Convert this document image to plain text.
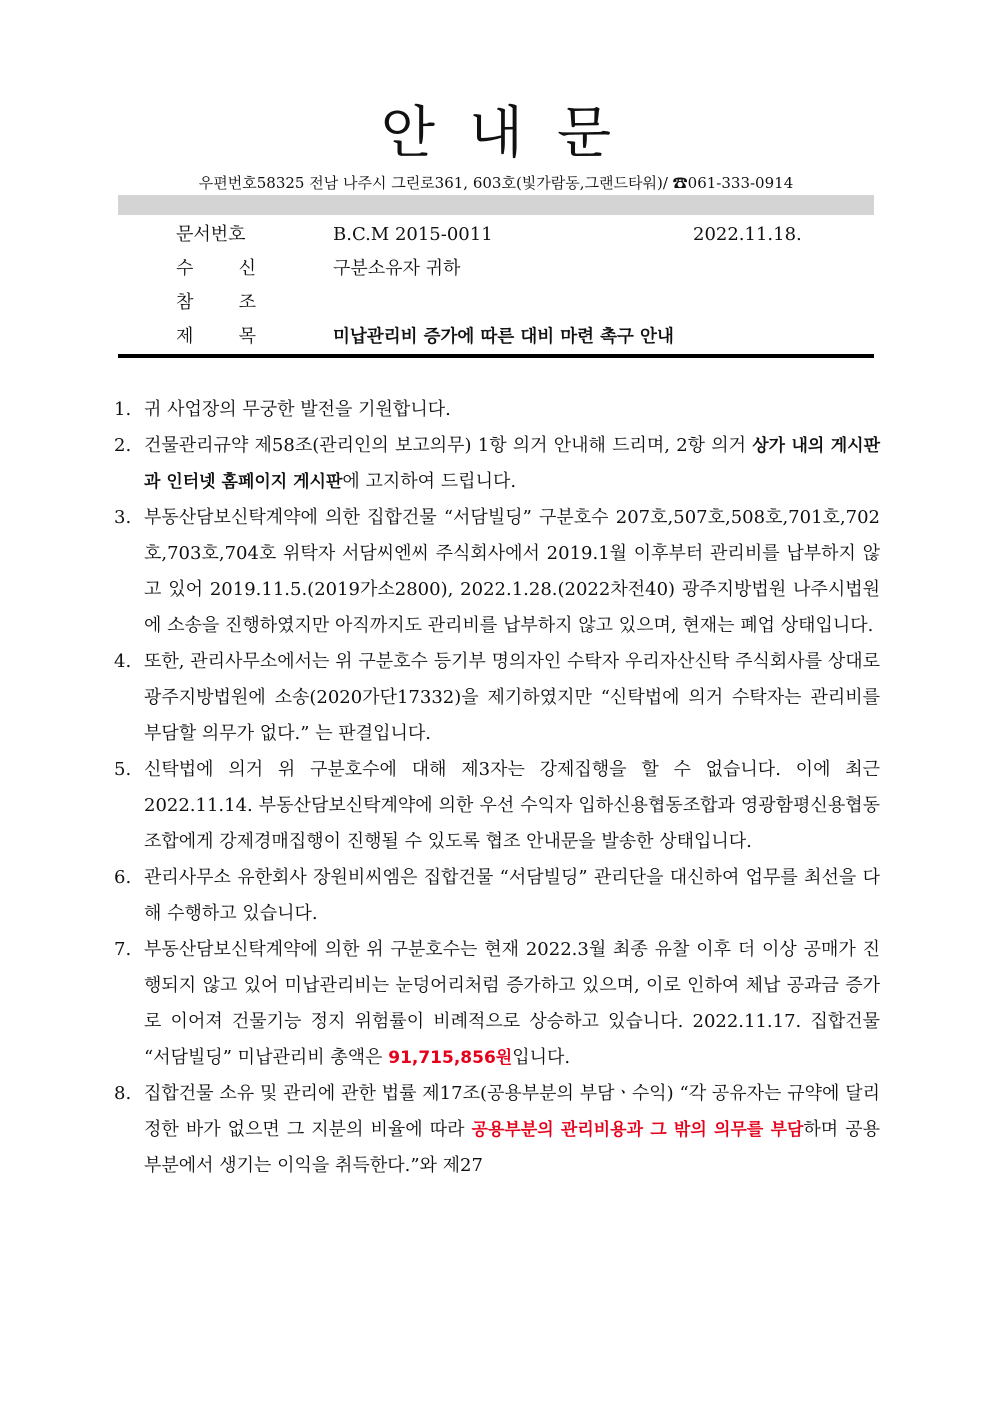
안내문
우편번호58325 전남 나주시 그린로361, 603호(빛가람동,그랜드타워)/ ☎061-333-0914
문서번호	B.C.M 2015-0011	2022.11.18.
수 신	구분소유자 귀하
참 조
제 목	미납관리비 증가에 따른 대비 마련 촉구 안내

1. 귀 사업장의 무궁한 발전을 기원합니다.

2. 건물관리규약 제58조(관리인의 보고의무) 1항 의거 안내해 드리며, 2항 의거 상가 내의 게시판과 인터넷 홈페이지 게시판에 고지하여 드립니다.

3. 부동산담보신탁계약에 의한 집합건물 “서담빌딩” 구분호수 207호,507호,508호,701호,702호,703호,704호 위탁자 서담씨엔씨 주식회사에서 2019.1월 이후부터 관리비를 납부하지 않고 있어 2019.11.5.(2019가소2800), 2022.1.28.(2022차전40) 광주지방법원 나주시법원에 소송을 진행하였지만 아직까지도 관리비를 납부하지 않고 있으며, 현재는 폐업 상태입니다.

4. 또한, 관리사무소에서는 위 구분호수 등기부 명의자인 수탁자 우리자산신탁 주식회사를 상대로 광주지방법원에 소송(2020가단17332)을 제기하였지만 “신탁법에 의거 수탁자는 관리비를 부담할 의무가 없다.” 는 판결입니다.

5. 신탁법에 의거 위 구분호수에 대해 제3자는 강제집행을 할 수 없습니다. 이에 최근 2022.11.14. 부동산담보신탁계약에 의한 우선 수익자 입하신용협동조합과 영광함평신용협동조합에게 강제경매집행이 진행될 수 있도록 협조 안내문을 발송한 상태입니다.

6. 관리사무소 유한회사 장원비씨엠은 집합건물 “서담빌딩” 관리단을 대신하여 업무를 최선을 다해 수행하고 있습니다.

7. 부동산담보신탁계약에 의한 위 구분호수는 현재 2022.3월 최종 유찰 이후 더 이상 공매가 진행되지 않고 있어 미납관리비는 눈덩어리처럼 증가하고 있으며, 이로 인하여 체납 공과금 증가로 이어져 건물기능 정지 위험률이 비례적으로 상승하고 있습니다. 2022.11.17. 집합건물 “서담빌딩” 미납관리비 총액은 91,715,856원입니다.

8. 집합건물 소유 및 관리에 관한 법률 제17조(공용부분의 부담ㆍ수익) “각 공유자는 규약에 달리 정한 바가 없으면 그 지분의 비율에 따라 공용부분의 관리비용과 그 밖의 의무를 부담하며 공용부분에서 생기는 이익을 취득한다.”와 제27
